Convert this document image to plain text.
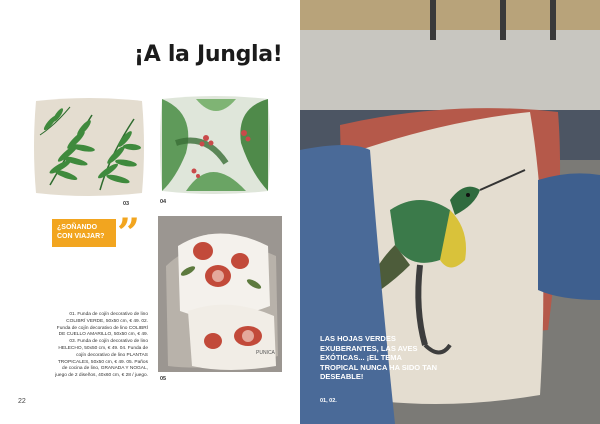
¡A la Jungla!
03	04
¿SOÑANDO CON VIAJAR? ”
PUNICA
05
01. Funda de cojín decorativo de lino COLIBRÍ VERDE, 50x50 cm, € 49. 02. Funda de cojín decorativo de lino COLIBRÍ DE CUELLO AMARILLO, 50x50 cm, € 49. 03. Funda de cojín decorativo de lino HELECHO, 50x50 cm, € 49. 04. Funda de cojín decorativo de lino PLANTAS TROPICALES, 50x50 cm, € 49. 05. Paños de cocina de lino, GRANADA Y NOGAL, juego de 2 diseños, 40x60 cm, € 28 / juego.
22
LAS HOJAS VERDES EXUBERANTES, LAS AVES EXÓTICAS... ¡EL TEMA TROPICAL NUNCA HA SIDO TAN DESEABLE!
01, 02.
